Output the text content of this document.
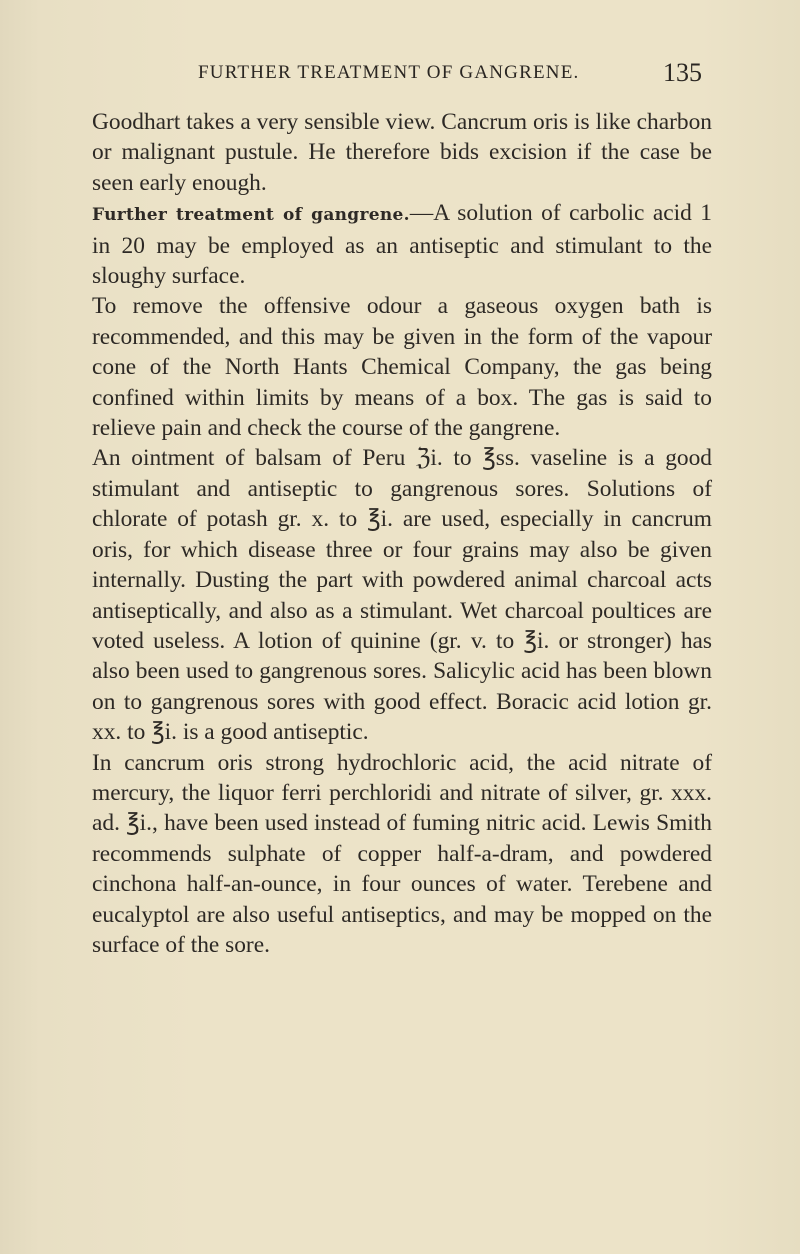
FURTHER TREATMENT OF GANGRENE.	135

Goodhart takes a very sensible view. Cancrum oris is like charbon or malignant pustule. He therefore bids excision if the case be seen early enough.

Further treatment of gangrene.—A solution of carbolic acid 1 in 20 may be employed as an antiseptic and stimulant to the sloughy surface.

To remove the offensive odour a gaseous oxygen bath is recommended, and this may be given in the form of the vapour cone of the North Hants Chemical Company, the gas being confined within limits by means of a box. The gas is said to relieve pain and check the course of the gangrene.

An ointment of balsam of Peru ℨi. to ℥ss. vaseline is a good stimulant and antiseptic to gangrenous sores. Solutions of chlorate of potash gr. x. to ℥i. are used, especially in cancrum oris, for which disease three or four grains may also be given internally. Dusting the part with powdered animal charcoal acts antiseptically, and also as a stimulant. Wet charcoal poultices are voted useless. A lotion of quinine (gr. v. to ℥i. or stronger) has also been used to gangrenous sores. Salicylic acid has been blown on to gangrenous sores with good effect. Boracic acid lotion gr. xx. to ℥i. is a good antiseptic.

In cancrum oris strong hydrochloric acid, the acid nitrate of mercury, the liquor ferri perchloridi and nitrate of silver, gr. xxx. ad. ℥i., have been used instead of fuming nitric acid. Lewis Smith recommends sulphate of copper half-a-dram, and powdered cinchona half-an-ounce, in four ounces of water. Terebene and eucalyptol are also useful antiseptics, and may be mopped on the surface of the sore.
